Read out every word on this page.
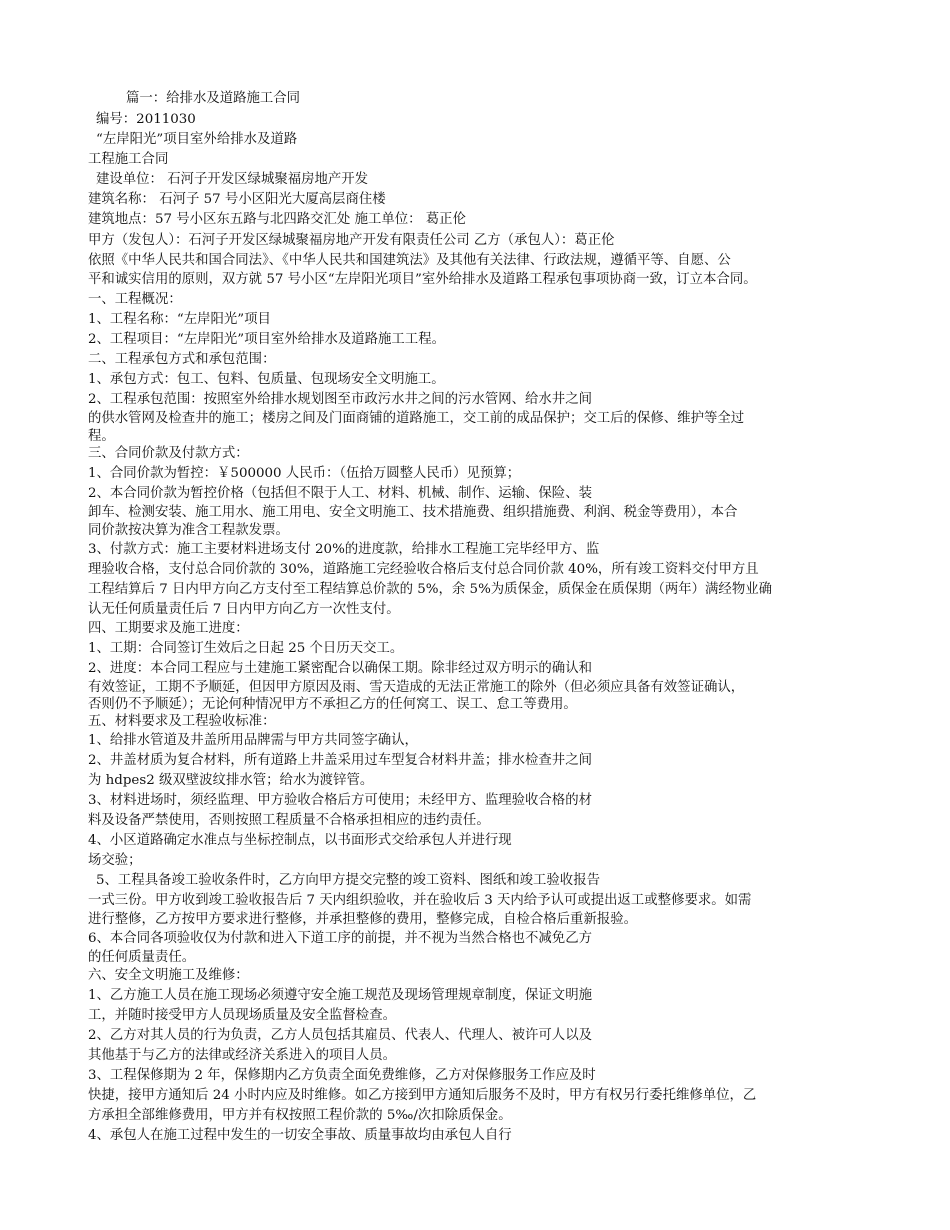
篇一：给排水及道路施工合同
编号：2011030
“左岸阳光”项目室外给排水及道路
工程施工合同
建设单位： 石河子开发区绿城聚福房地产开发
建筑名称： 石河子 57 号小区阳光大厦高层商住楼
建筑地点：57 号小区东五路与北四路交汇处 施工单位： 葛正伦
甲方（发包人）：石河子开发区绿城聚福房地产开发有限责任公司 乙方（承包人）：葛正伦
依照《中华人民共和国合同法》、《中华人民共和国建筑法》及其他有关法律、行政法规，遵循平等、自愿、公
平和诚实信用的原则，双方就 57 号小区“左岸阳光项目”室外给排水及道路工程承包事项协商一致，订立本合同。
一、工程概况：
1、工程名称：“左岸阳光”项目
2、工程项目：“左岸阳光”项目室外给排水及道路施工工程。
二、工程承包方式和承包范围：
1、承包方式：包工、包料、包质量、包现场安全文明施工。
2、工程承包范围：按照室外给排水规划图至市政污水井之间的污水管网、给水井之间
的供水管网及检查井的施工；楼房之间及门面商铺的道路施工，交工前的成品保护；交工后的保修、维护等全过
程。
三、合同价款及付款方式：
1、合同价款为暂控：￥500000 人民币：（伍拾万圆整人民币）见预算；
2、本合同价款为暂控价格（包括但不限于人工、材料、机械、制作、运输、保险、装
卸车、检测安装、施工用水、施工用电、安全文明施工、技术措施费、组织措施费、利润、税金等费用），本合
同价款按决算为准含工程款发票。
3、付款方式：施工主要材料进场支付 20%的进度款，给排水工程施工完毕经甲方、监
理验收合格，支付总合同价款的 30%，道路施工完经验收合格后支付总合同价款 40%，所有竣工资料交付甲方且
工程结算后 7 日内甲方向乙方支付至工程结算总价款的 5%，余 5%为质保金，质保金在质保期（两年）满经物业确
认无任何质量责任后 7 日内甲方向乙方一次性支付。
四、工期要求及施工进度：
1、工期：合同签订生效后之日起 25 个日历天交工。
2、进度：本合同工程应与土建施工紧密配合以确保工期。除非经过双方明示的确认和
有效签证，工期不予顺延，但因甲方原因及雨、雪天造成的无法正常施工的除外（但必须应具备有效签证确认，
否则仍不予顺延）；无论何种情况甲方不承担乙方的任何窝工、误工、怠工等费用。
五、材料要求及工程验收标准：
1、给排水管道及井盖所用品牌需与甲方共同签字确认，
2、井盖材质为复合材料，所有道路上井盖采用过车型复合材料井盖；排水检查井之间
为 hdpes2 级双壁波纹排水管；给水为渡锌管。
3、材料进场时，须经监理、甲方验收合格后方可使用；未经甲方、监理验收合格的材
料及设备严禁使用，否则按照工程质量不合格承担相应的违约责任。
4、小区道路确定水准点与坐标控制点，以书面形式交给承包人并进行现
场交验；
5、工程具备竣工验收条件时，乙方向甲方提交完整的竣工资料、图纸和竣工验收报告
一式三份。甲方收到竣工验收报告后 7 天内组织验收，并在验收后 3 天内给予认可或提出返工或整修要求。如需
进行整修，乙方按甲方要求进行整修，并承担整修的费用，整修完成，自检合格后重新报验。
6、本合同各项验收仅为付款和进入下道工序的前提，并不视为当然合格也不减免乙方
的任何质量责任。
六、安全文明施工及维修：
1、乙方施工人员在施工现场必须遵守安全施工规范及现场管理规章制度，保证文明施
工，并随时接受甲方人员现场质量及安全监督检查。
2、乙方对其人员的行为负责，乙方人员包括其雇员、代表人、代理人、被许可人以及
其他基于与乙方的法律或经济关系进入的项目人员。
3、工程保修期为 2 年，保修期内乙方负责全面免费维修，乙方对保修服务工作应及时
快捷，接甲方通知后 24 小时内应及时维修。如乙方接到甲方通知后服务不及时，甲方有权另行委托维修单位，乙
方承担全部维修费用，甲方并有权按照工程价款的 5‰/次扣除质保金。
4、承包人在施工过程中发生的一切安全事故、质量事故均由承包人自行
